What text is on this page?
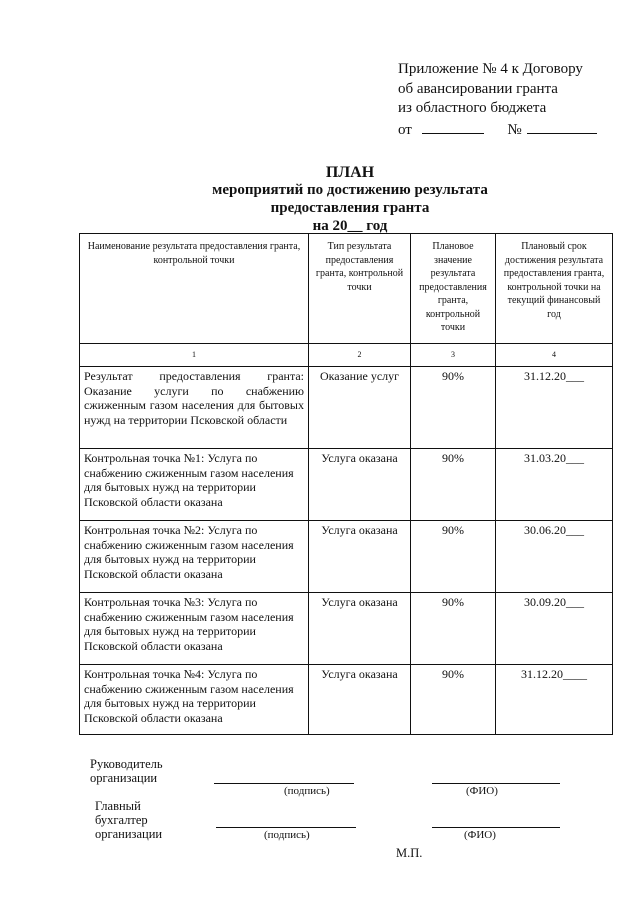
Приложение № 4 к Договору
об авансировании гранта
из областного бюджета
от	№
ПЛАН
мероприятий по достижению результата
предоставления гранта
на 20__ год
Наименование результата предоставления гранта, контрольной точки	Тип результата предоставления гранта, контрольной точки	Плановое значение результата предоставления гранта, контрольной точки	Плановый срок достижения результата предоставления гранта, контрольной точки на текущий финансовый год
1	2	3	4
Результат предоставления гранта: Оказание услуги по снабжению сжиженным газом населения для бытовых нужд на территории Псковской области	Оказание услуг	90%	31.12.20___
Контрольная точка №1: Услуга по снабжению сжиженным газом населения для бытовых нужд на территории Псковской области оказана	Услуга оказана	90%	31.03.20___
Контрольная точка №2: Услуга по снабжению сжиженным газом населения для бытовых нужд на территории Псковской области оказана	Услуга оказана	90%	30.06.20___
Контрольная точка №3: Услуга по снабжению сжиженным газом населения для бытовых нужд на территории Псковской области оказана	Услуга оказана	90%	30.09.20___
Контрольная точка №4: Услуга по снабжению сжиженным газом населения для бытовых нужд на территории Псковской области оказана	Услуга оказана	90%	31.12.20____
Руководитель
организации
(подпись)	(ФИО)
Главный
бухгалтер
организации	(подпись)	(ФИО)
М.П.
